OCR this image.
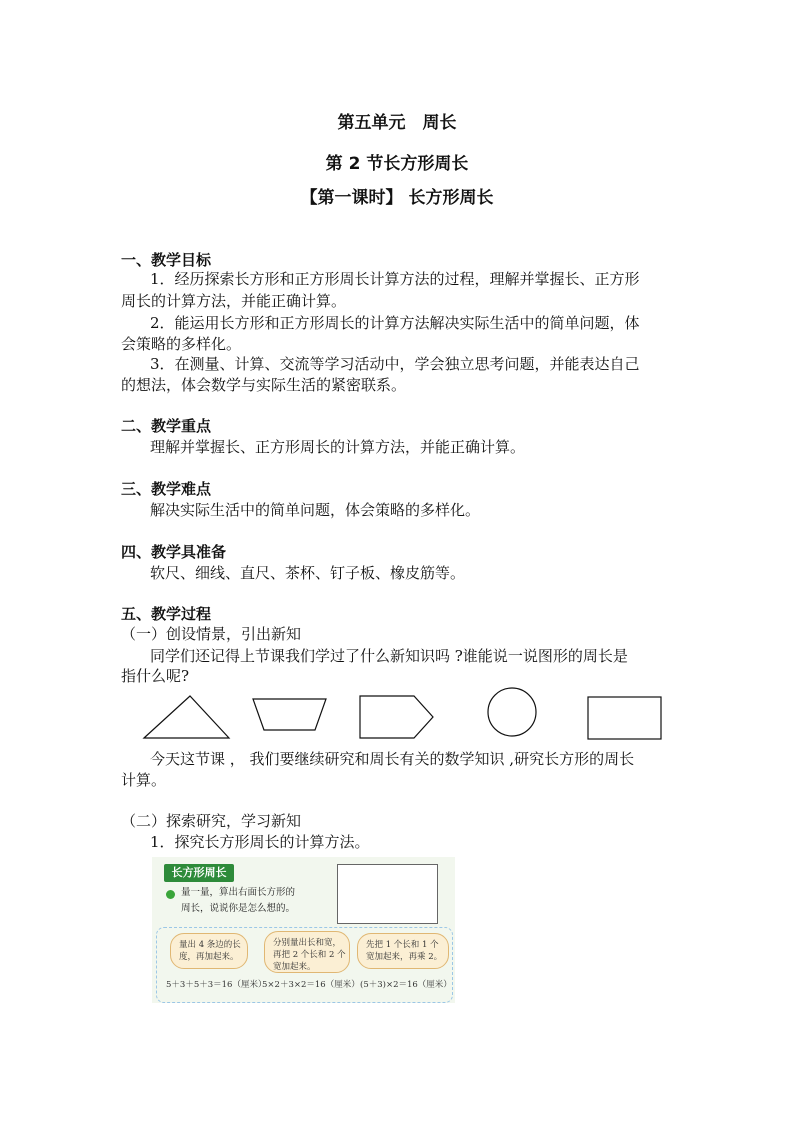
第五单元　周长
第 2 节长方形周长
【第一课时】 长方形周长
一、教学目标
1．经历探索长方形和正方形周长计算方法的过程，理解并掌握长、正方形
周长的计算方法，并能正确计算。
2．能运用长方形和正方形周长的计算方法解决实际生活中的简单问题，体
会策略的多样化。
3．在测量、计算、交流等学习活动中，学会独立思考问题，并能表达自己
的想法，体会数学与实际生活的紧密联系。
二、教学重点
理解并掌握长、正方形周长的计算方法，并能正确计算。
三、教学难点
解决实际生活中的简单问题，体会策略的多样化。
四、教学具准备
软尺、细线、直尺、茶杯、钉子板、橡皮筋等。
五、教学过程
（一）创设情景，引出新知
同学们还记得上节课我们学过了什么新知识吗 ?谁能说一说图形的周长是
指什么呢?
今天这节课 ， 我们要继续研究和周长有关的数学知识 ,研究长方形的周长
计算。
（二）探索研究，学习新知
1．探究长方形周长的计算方法。
长方形周长
量一量，算出右面长方形的
周长，说说你是怎么想的。
量出 4 条边的长
度，再加起来。
分别量出长和宽，
再把 2 个长和 2 个
宽加起来。
先把 1 个长和 1 个
宽加起来，再乘 2。
5＋3＋5＋3＝16（厘米）
5×2＋3×2＝16（厘米） (5＋3)×2＝16（厘米）
